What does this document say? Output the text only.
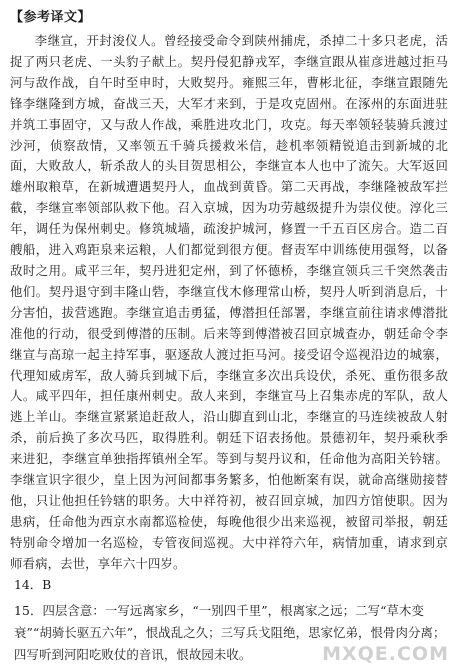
【参考译文】

李继宣，开封浚仪人。曾经接受命令到陕州捕虎，杀掉二十多只老虎，活捉了两只老虎、一头豹子献上。契丹侵犯静戎军，李继宣跟从崔彦进越过拒马河与敌作战，自午时至申时，大败契丹。雍熙三年，曹彬北征，李继宣跟随先锋李继隆到方城，奋战三天，大军才来到，于是攻克固州。在涿州的东面进驻并筑工事固守，又与敌人作战，乘胜进攻北门，攻克。每天率领轻装骑兵渡过沙河，侦察敌情，又率领五千骑兵援救米信，趁机率领精锐追击到新城的北面，大败敌人，斩杀敌人的头目贺思相公，李继宣本人也中了流矢。大军返回雄州取粮草，在新城遭遇契丹人，血战到黄昏。第二天再战，李继隆被敌军拦截，李继宣率领部队救下他。召入京城，因为功劳越级提升为崇仪使。淳化三年，调任为保州刺史。修筑城墙，疏浚护城河，修置一千五百区房合。造二百艘船，进入鸡距泉来运粮，人们都觉到很方便。督责军中训练使用强弩，以备敌时之用。咸平三年，契丹进犯定州，到了怀德桥，李继宣领兵三千突然袭击他们。契丹退守到丰隆山砦，李继宣伐木修理常山桥，契丹人听到消息后，十分害怕，拔营逃跑。李继宣追击勇猛，傅潜担任部署，李继宣前往请求傅潜批准他的行动，很受到傅潜的压制。后来等到傅潜被召回京城查办，朝廷命令李继宣与高琼一起主持军事，驱逐敌人渡过拒马河。接受诏令巡视沿边的城寨，代理知威虏军，敌人骑兵到城下后，李继宣多次出兵设伏，杀死、重伤很多敌人。咸平四年，担任康州刺史。敌人来到，李继宣马上召集赤虎的军队，敌人逃上羊山。李继宣紧紧追赶敌人，沿山脚直到山北，李继宣的马连续被敌人射杀，前后换了多次马匹，取得胜利。朝廷下诏表扬他。景德初年，契丹乘秋季来进犯，李继宣单独指挥镇州全军。等到与契丹议和，任命他为高阳关钤辖。李继宣识字很少，皇上因为河间都事务繁多，怕他断案有误，就命高继勋接替他，只让他担任钤辖的职务。大中祥符初，被召回京城，加四方馆使职。因为患病，任命他为西京水南都巡检使，每晚他很少出来巡视，被留司举报，朝廷特别命令增加一名巡检，专管夜间巡视。大中祥符六年，病情加重，请求到京师看病，去世，享年六十四岁。

14．B

15．四层含意：一写远离家乡，“一别四千里”，根离家之远；二写“草木变衰”“胡骑长驱五六年”，恨战乱之久；三写兵戈阻绝，思家忆弟，恨骨肉分离；四写听到河阳吃败仗的音讯，恨故园未收。	MXQE.COM
